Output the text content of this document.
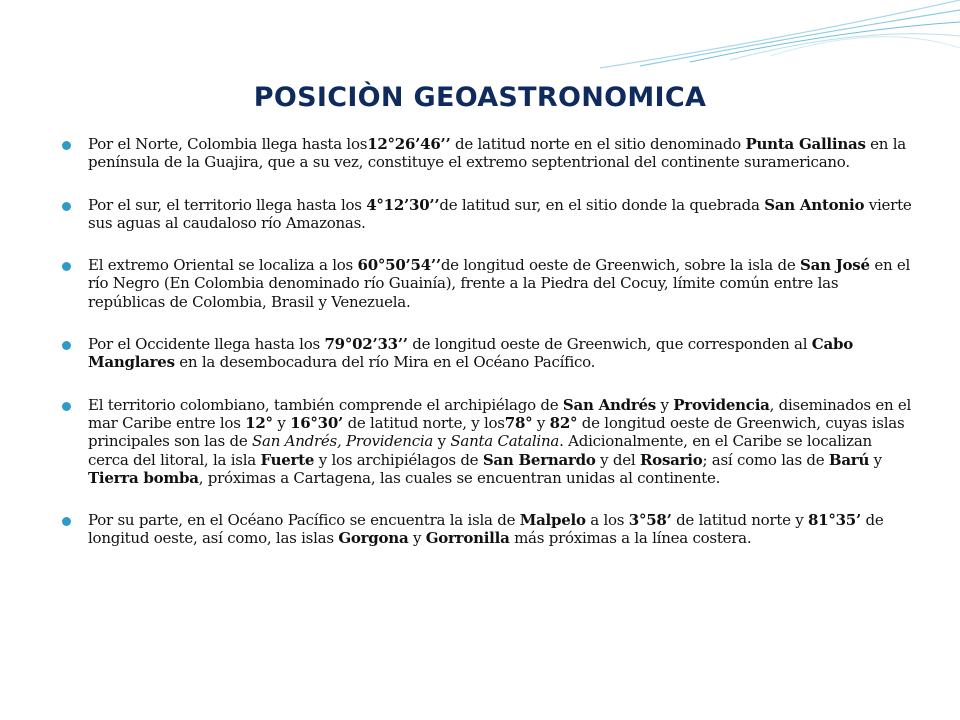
POSICIÒN GEOASTRONOMICA
Por el Norte, Colombia llega hasta los12°26’46’’ de latitud norte en el sitio denominado Punta Gallinas en la península de la Guajira, que a su vez, constituye el extremo septentrional del continente suramericano.
Por el sur, el territorio llega hasta los 4°12’30’’de latitud sur, en el sitio donde la quebrada San Antonio vierte sus aguas al caudaloso río Amazonas.
El extremo Oriental se localiza a los 60°50’54’’de longitud oeste de Greenwich, sobre la isla de San José en el río Negro (En Colombia denominado río Guainía), frente a la Piedra del Cocuy, límite común entre las repúblicas de Colombia, Brasil y Venezuela.
Por el Occidente llega hasta los 79°02’33’’ de longitud oeste de Greenwich, que corresponden al Cabo Manglares en la desembocadura del río Mira en el Océano Pacífico.
El territorio colombiano, también comprende el archipiélago de San Andrés y Providencia, diseminados en el mar Caribe entre los 12° y 16°30’ de latitud norte, y los78° y 82° de longitud oeste de Greenwich, cuyas islas principales son las de San Andrés, Providencia y Santa Catalina. Adicionalmente, en el Caribe se localizan cerca del litoral, la isla Fuerte y los archipiélagos de San Bernardo y del Rosario; así como las de Barú y Tierra bomba, próximas a Cartagena, las cuales se encuentran unidas al continente.
Por su parte, en el Océano Pacífico se encuentra la isla de Malpelo a los 3°58’ de latitud norte y 81°35’ de longitud oeste, así como, las islas Gorgona y Gorronilla más próximas a la línea costera.
